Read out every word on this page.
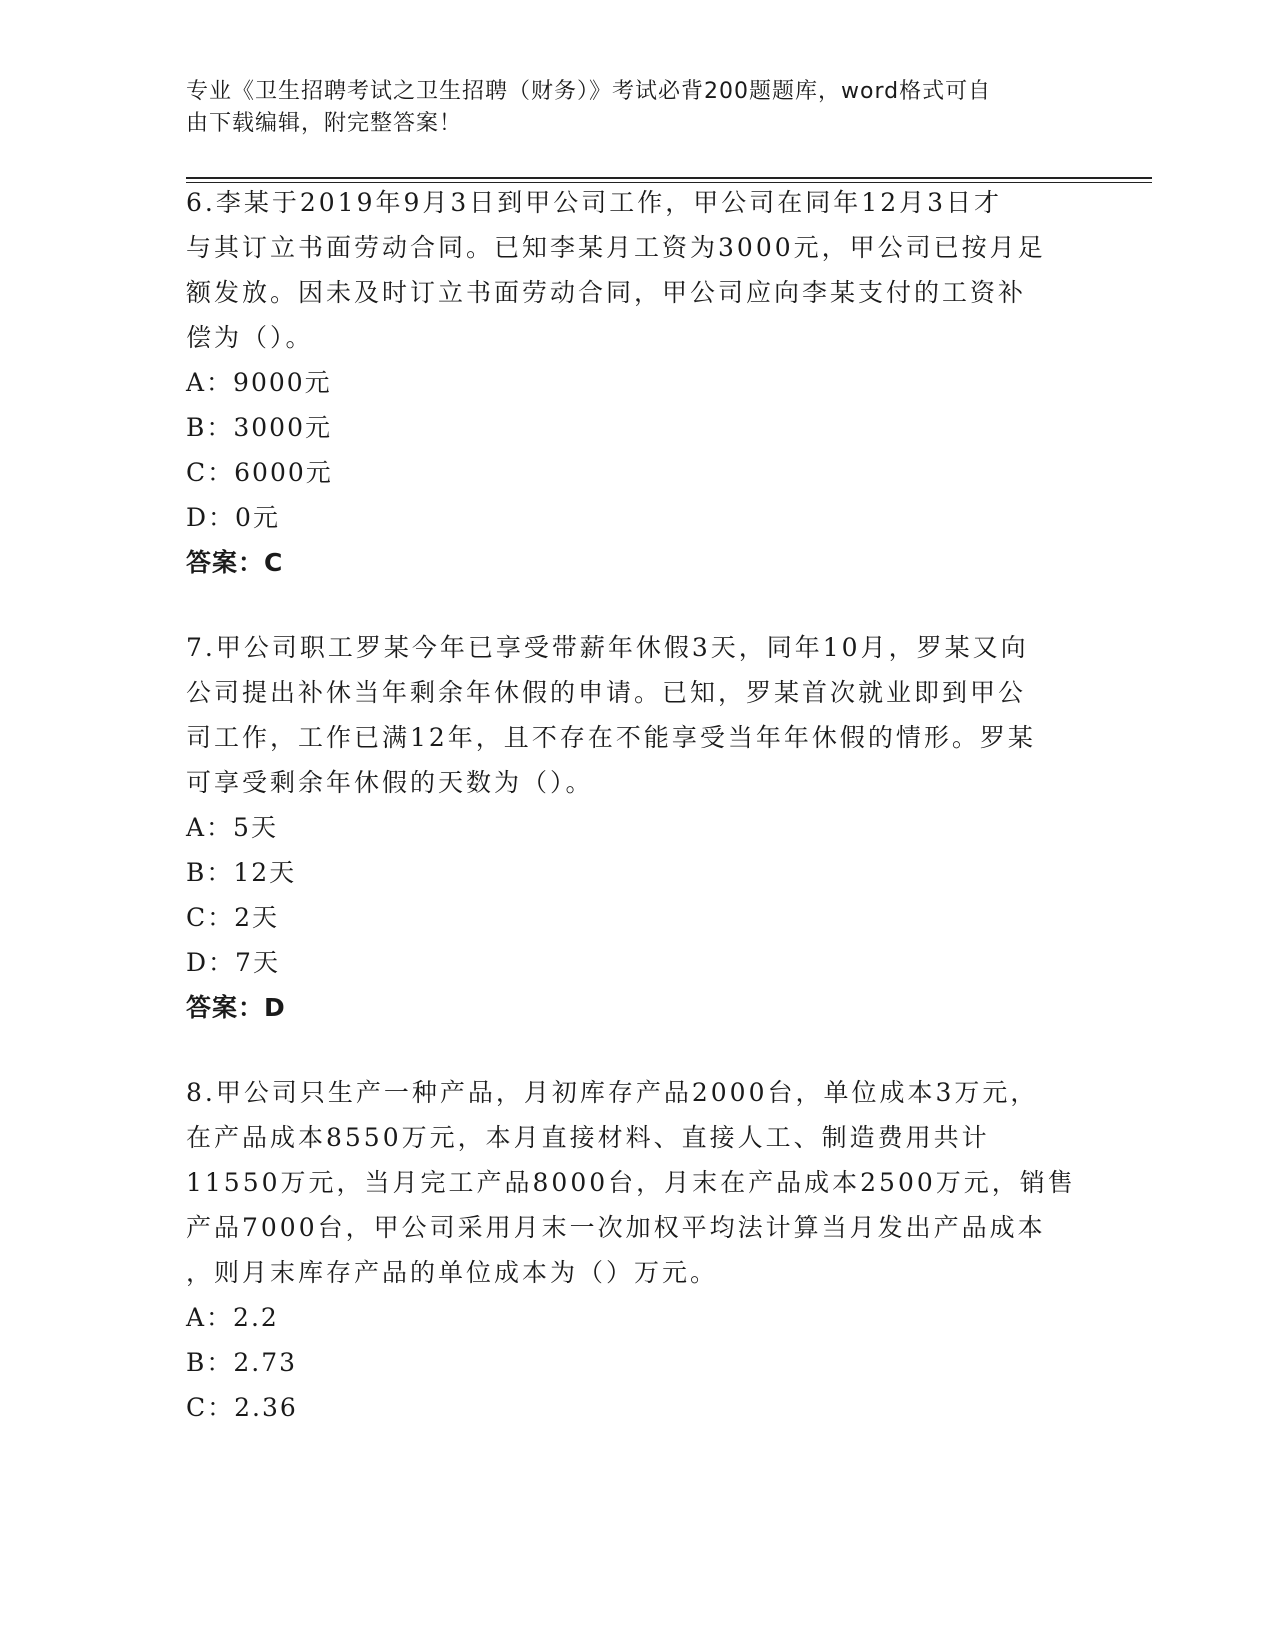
专业《卫生招聘考试之卫生招聘（财务）》考试必背200题题库，word格式可自

由下载编辑，附完整答案！

6.李某于2019年9月3日到甲公司工作，甲公司在同年12月3日才

与其订立书面劳动合同。已知李某月工资为3000元，甲公司已按月足

额发放。因未及时订立书面劳动合同，甲公司应向李某支付的工资补

偿为（）。

A：9000元

B：3000元

C：6000元

D：0元

答案：C

7.甲公司职工罗某今年已享受带薪年休假3天，同年10月，罗某又向

公司提出补休当年剩余年休假的申请。已知，罗某首次就业即到甲公

司工作，工作已满12年，且不存在不能享受当年年休假的情形。罗某

可享受剩余年休假的天数为（）。

A：5天

B：12天

C：2天

D：7天

答案：D

8.甲公司只生产一种产品，月初库存产品2000台，单位成本3万元，

在产品成本8550万元，本月直接材料、直接人工、制造费用共计

11550万元，当月完工产品8000台，月末在产品成本2500万元，销售

产品7000台，甲公司采用月末一次加权平均法计算当月发出产品成本

，则月末库存产品的单位成本为（）万元。

A：2.2

B：2.73

C：2.36
